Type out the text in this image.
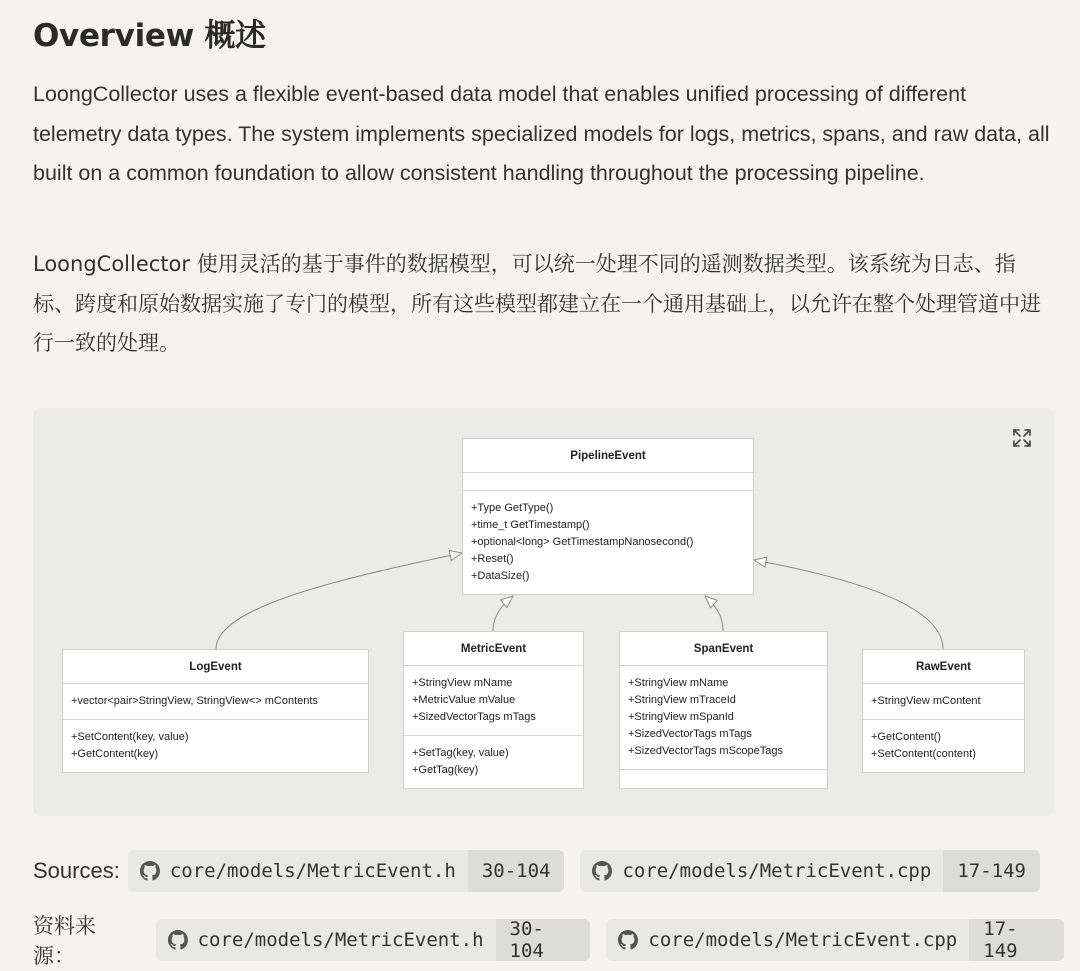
Overview 概述

LoongCollector uses a flexible event-based data model that enables unified processing of different telemetry data types. The system implements specialized models for logs, metrics, spans, and raw data, all built on a common foundation to allow consistent handling throughout the processing pipeline.

LoongCollector 使用灵活的基于事件的数据模型，可以统一处理不同的遥测数据类型。该系统为日志、指标、跨度和原始数据实施了专门的模型，所有这些模型都建立在一个通用基础上，以允许在整个处理管道中进行一致的处理。

PipelineEvent
+Type GetType()
+time_t GetTimestamp()
+optional<long> GetTimestampNanosecond()
+Reset()
+DataSize()
LogEvent
+vector<pair>StringView, StringView<> mContents
+SetContent(key, value)
+GetContent(key)
MetricEvent
+StringView mName
+MetricValue mValue
+SizedVectorTags mTags
+SetTag(key, value)
+GetTag(key)
SpanEvent
+StringView mName
+StringView mTraceId
+StringView mSpanId
+SizedVectorTags mTags
+SizedVectorTags mScopeTags
RawEvent
+StringView mContent
+GetContent()
+SetContent(content)
Sources:	core/models/MetricEvent.h	30-104	core/models/MetricEvent.cpp	17-149
资料来源：
core/models/MetricEvent.h	30-104	core/models/MetricEvent.cpp	17-149
